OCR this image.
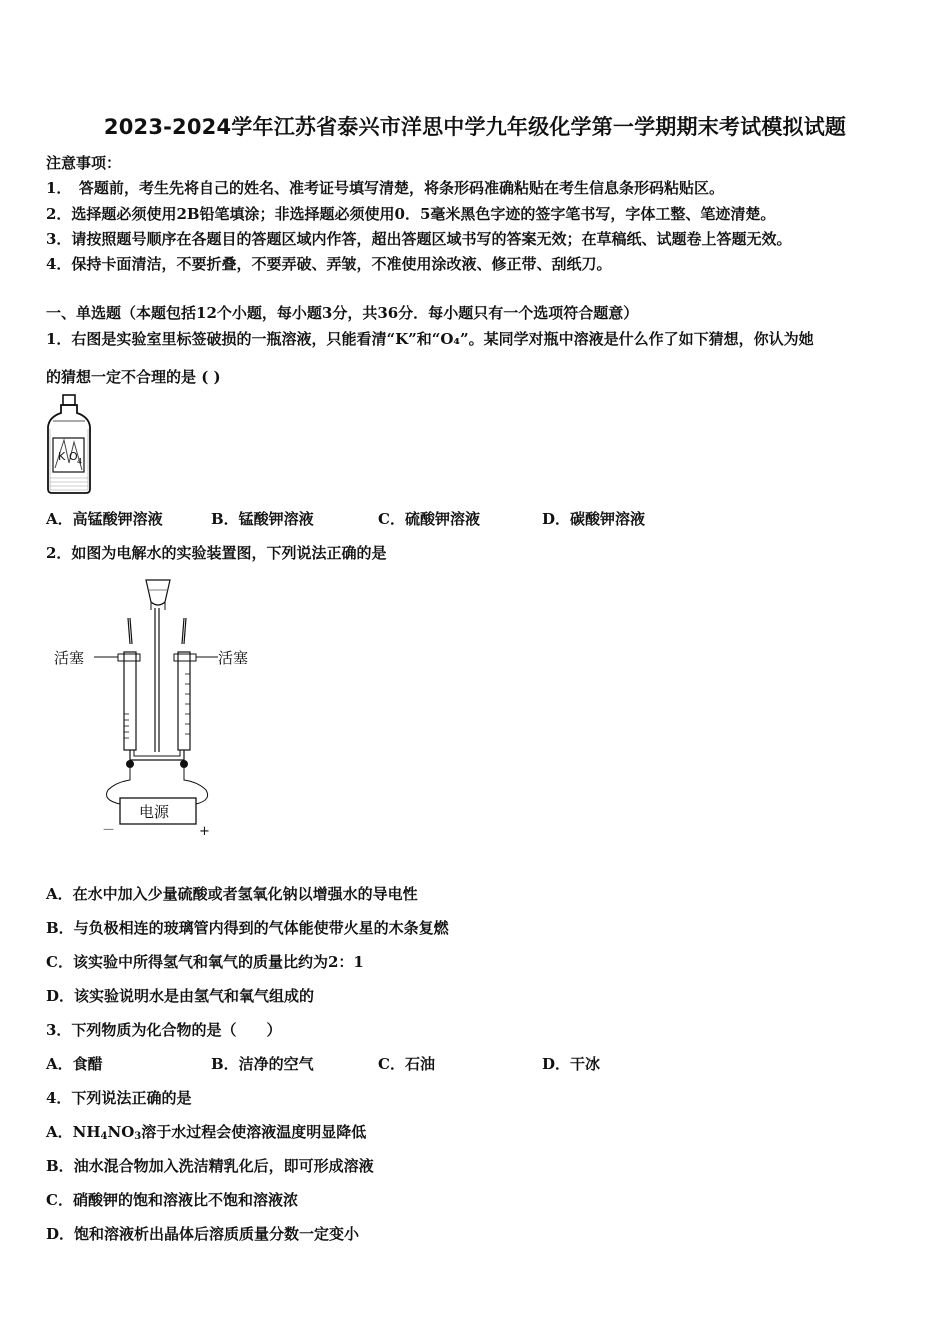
2023-2024学年江苏省泰兴市洋思中学九年级化学第一学期期末考试模拟试题
注意事项：
1．　答题前，考生先将自己的姓名、准考证号填写清楚，将条形码准确粘贴在考生信息条形码粘贴区。
2．选择题必须使用2B铅笔填涂；非选择题必须使用0．5毫米黑色字迹的签字笔书写，字体工整、笔迹清楚。
3．请按照题号顺序在各题目的答题区域内作答，超出答题区域书写的答案无效；在草稿纸、试题卷上答题无效。
4．保持卡面清洁，不要折叠，不要弄破、弄皱，不准使用涂改液、修正带、刮纸刀。
一、单选题（本题包括12个小题，每小题3分，共36分．每小题只有一个选项符合题意）
1．右图是实验室里标签破损的一瓶溶液，只能看清“K”和“O₄”。某同学对瓶中溶液是什么作了如下猜想，你认为她
的猜想一定不合理的是 ( )
K O 4
A．高锰酸钾溶液	B．锰酸钾溶液	C．硫酸钾溶液	D．碳酸钾溶液
2．如图为电解水的实验装置图，下列说法正确的是
活塞	活塞
电源
－	+
A．在水中加入少量硫酸或者氢氧化钠以增强水的导电性
B．与负极相连的玻璃管内得到的气体能使带火星的木条复燃
C．该实验中所得氢气和氧气的质量比约为2：1
D．该实验说明水是由氢气和氧气组成的
3．下列物质为化合物的是（　　）
A．食醋	B．洁净的空气	C．石油	D．干冰
4．下列说法正确的是
A．$NH_4NO_3$溶于水过程会使溶液温度明显降低
B．油水混合物加入洗洁精乳化后，即可形成溶液
C．硝酸钾的饱和溶液比不饱和溶液浓
D．饱和溶液析出晶体后溶质质量分数一定变小
